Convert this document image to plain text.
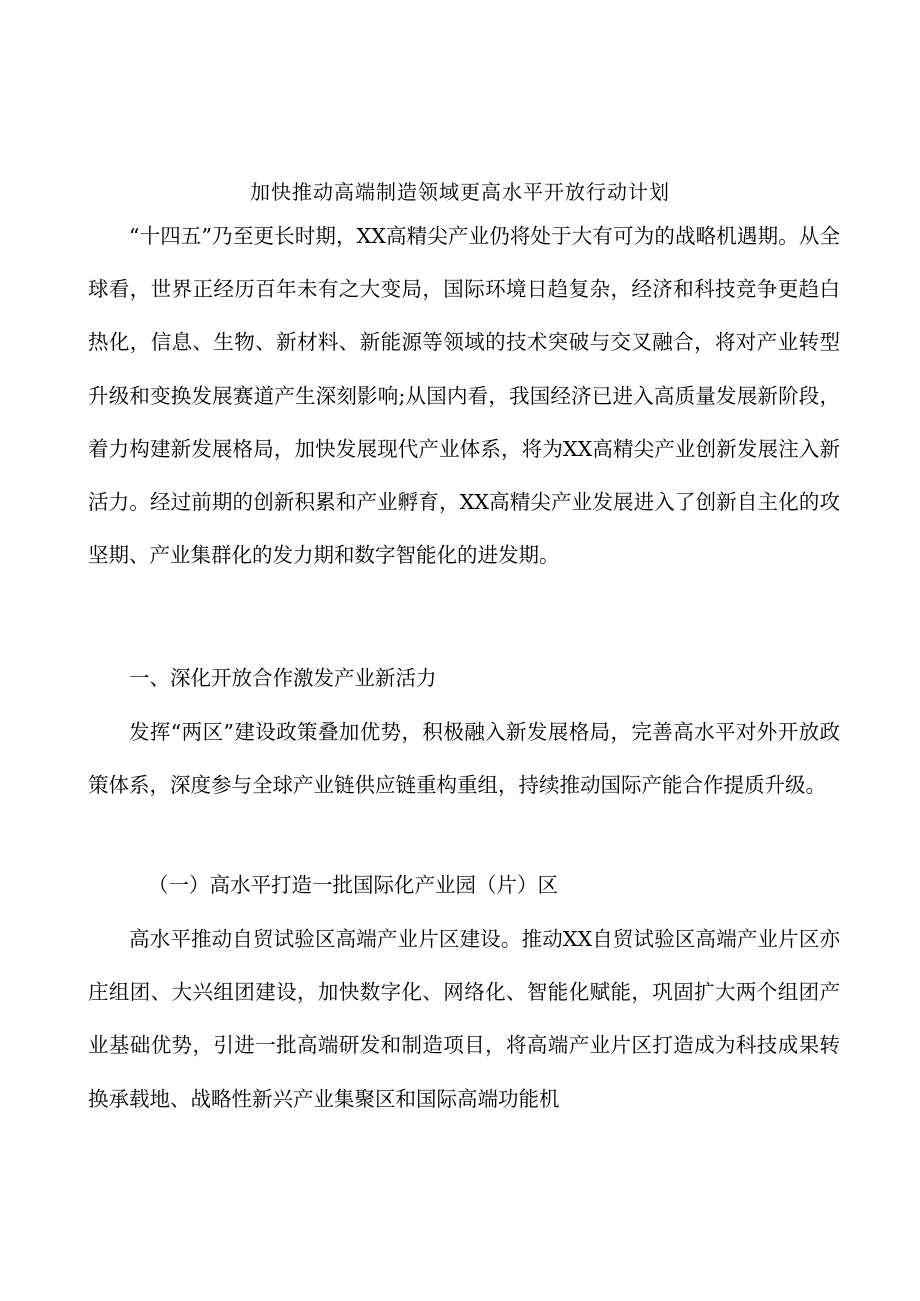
加快推动高端制造领域更高水平开放行动计划

“十四五”乃至更长时期，XX高精尖产业仍将处于大有可为的战略机遇期。从全球看，世界正经历百年未有之大变局，国际环境日趋复杂，经济和科技竞争更趋白热化，信息、生物、新材料、新能源等领域的技术突破与交叉融合，将对产业转型升级和变换发展赛道产生深刻影响;从国内看，我国经济已进入高质量发展新阶段，着力构建新发展格局，加快发展现代产业体系，将为XX高精尖产业创新发展注入新活力。经过前期的创新积累和产业孵育，XX高精尖产业发展进入了创新自主化的攻坚期、产业集群化的发力期和数字智能化的进发期。

一、深化开放合作激发产业新活力

发挥“两区”建设政策叠加优势，积极融入新发展格局，完善高水平对外开放政策体系，深度参与全球产业链供应链重构重组，持续推动国际产能合作提质升级。

（一）高水平打造一批国际化产业园（片）区

高水平推动自贸试验区高端产业片区建设。推动XX自贸试验区高端产业片区亦庄组团、大兴组团建设，加快数字化、网络化、智能化赋能，巩固扩大两个组团产业基础优势，引进一批高端研发和制造项目，将高端产业片区打造成为科技成果转换承载地、战略性新兴产业集聚区和国际高端功能机
